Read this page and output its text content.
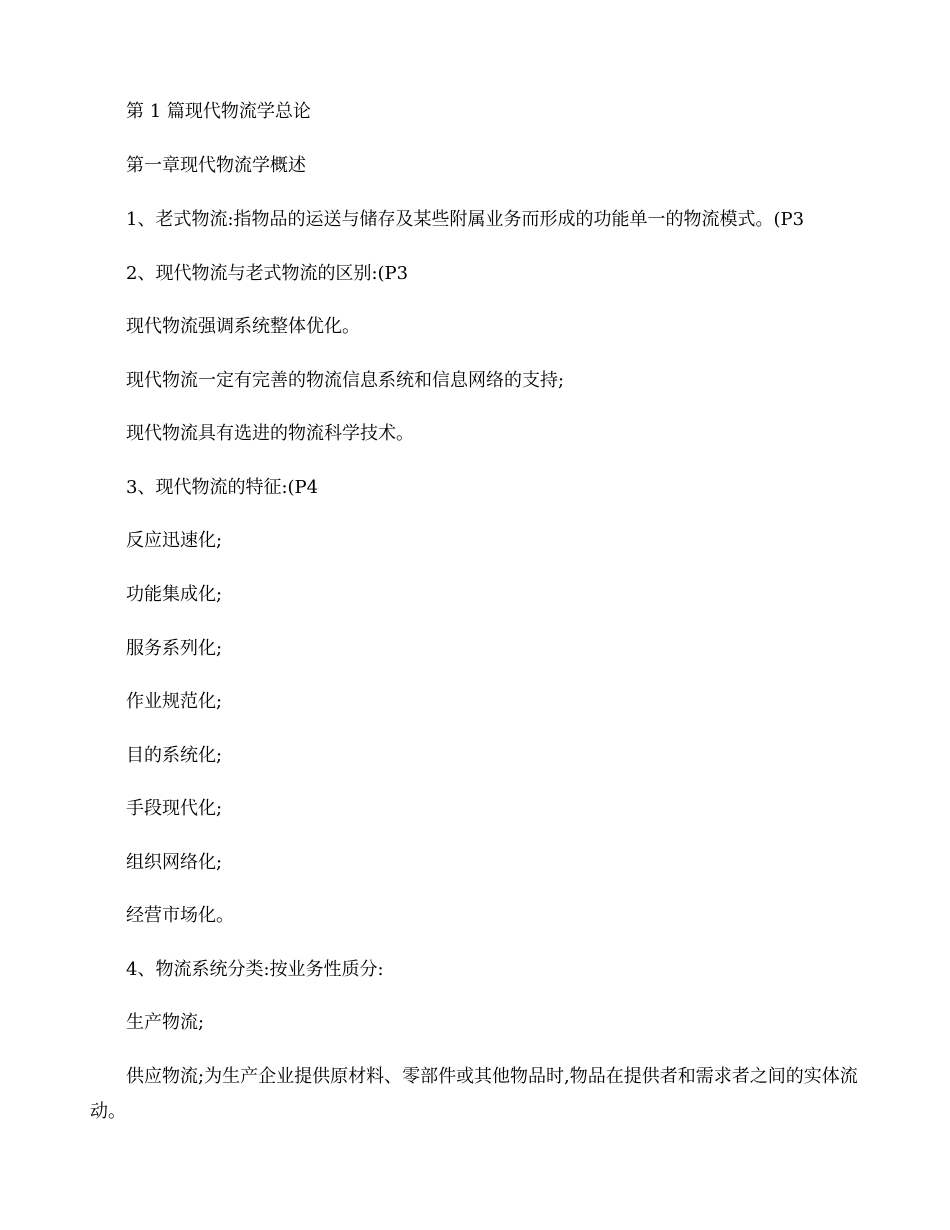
第 1 篇现代物流学总论

第一章现代物流学概述

1、老式物流:指物品的运送与储存及某些附属业务而形成的功能单一的物流模式。(P3

2、现代物流与老式物流的区别:(P3

现代物流强调系统整体优化。

现代物流一定有完善的物流信息系统和信息网络的支持;

现代物流具有选进的物流科学技术。

3、现代物流的特征:(P4

反应迅速化;

功能集成化;

服务系列化;

作业规范化;

目的系统化;

手段现代化;

组织网络化;

经营市场化。

4、物流系统分类:按业务性质分:

生产物流;

供应物流;为生产企业提供原材料、零部件或其他物品时,物品在提供者和需求者之间的实体流动。
